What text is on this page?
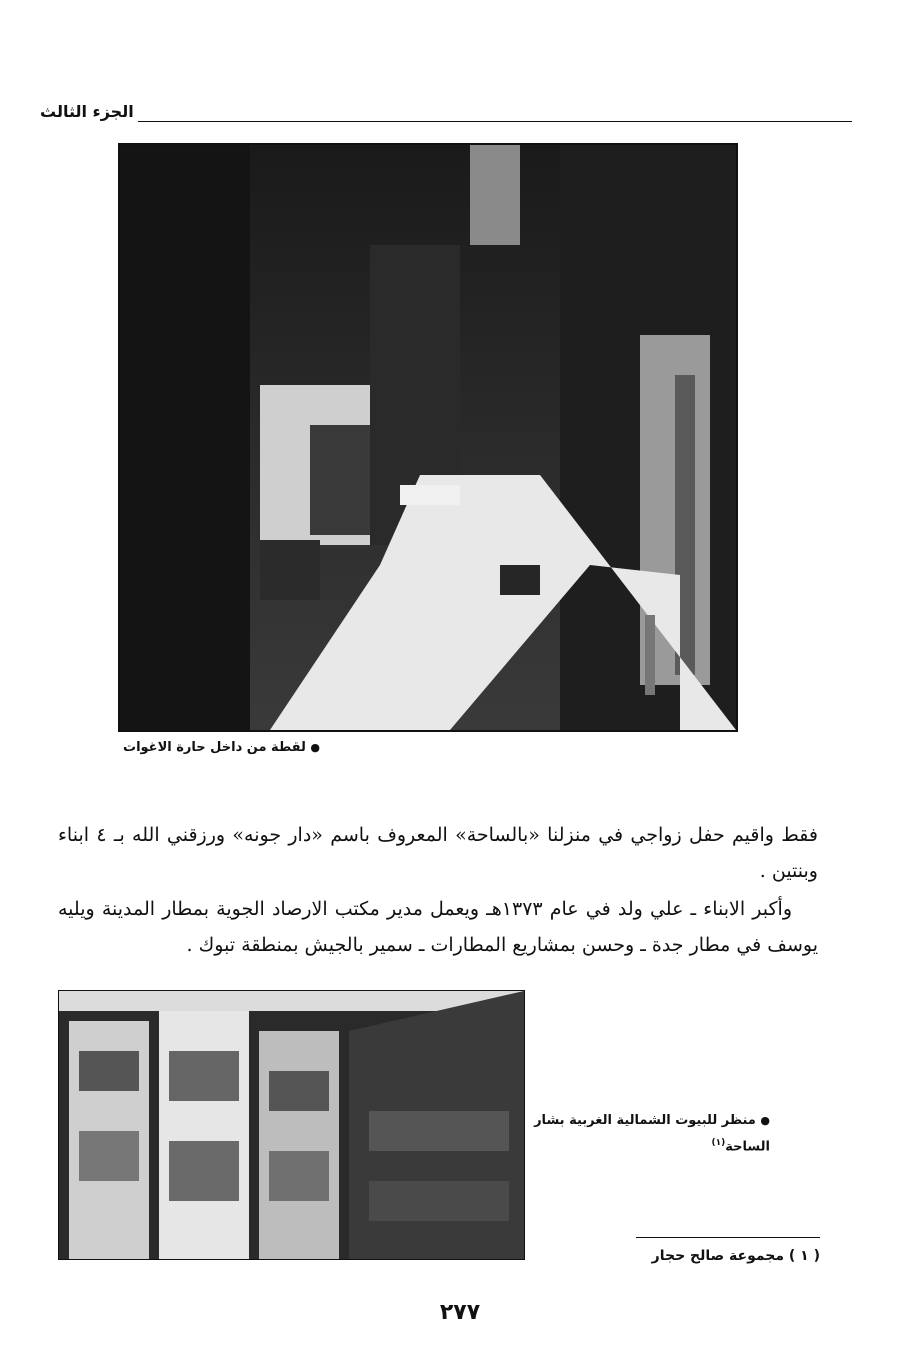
الجزء الثالث
● لقطة من داخل حارة الاغوات

فقط واقيم حفل زواجي في منزلنا «بالساحة» المعروف باسم «دار جونه» ورزقني الله بـ ٤ ابناء وبنتين .

وأكبر الابناء ـ علي ولد في عام ١٣٧٣هـ ويعمل مدير مكتب الارصاد الجوية بمطار المدينة ويليه يوسف في مطار جدة ـ وحسن بمشاريع المطارات ـ سمير بالجيش بمنطقة تبوك .

● منظر للبيوت الشمالية الغربية بشار الساحة$^{(١)}$
( ١ ) مجموعة صالح حجار
٢٧٧
